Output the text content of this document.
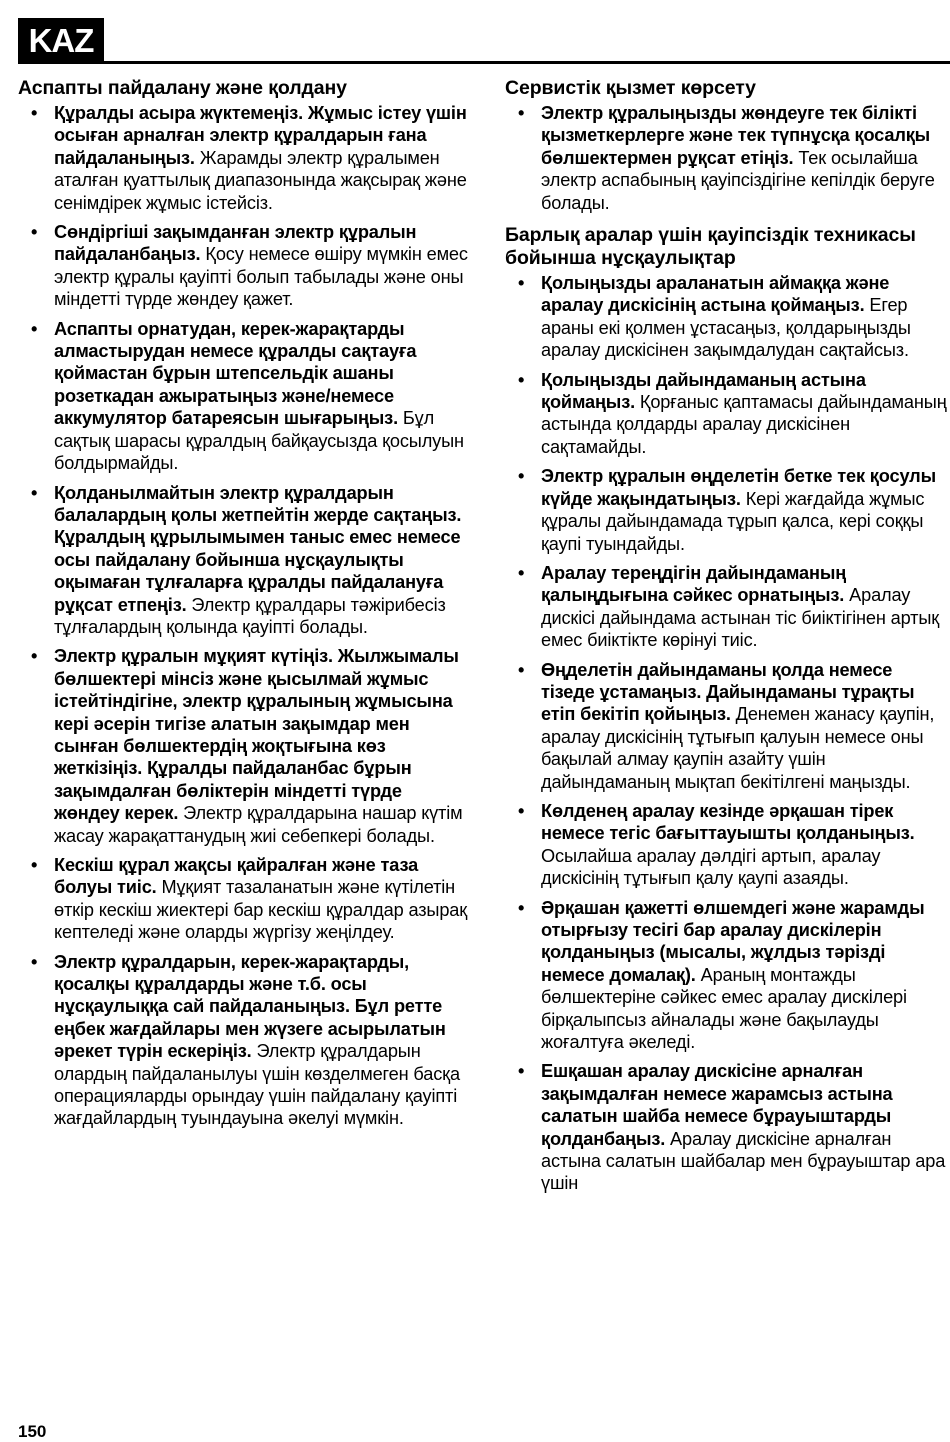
KAZ
Аспапты пайдалану және қолдану
• Құралды асыра жүктемеңіз. Жұмыс істеу үшін осыған арналған электр құралдарын ғана пайдаланыңыз. Жарамды электр құралымен аталған қуаттылық диапазонында жақсырақ және сенімдірек жұмыс істейсіз.
• Сөндіргіші зақымданған электр құралын пайдаланбаңыз. Қосу немесе өшіру мүмкін емес электр құралы қауіпті болып табылады және оны міндетті түрде жөндеу қажет.
• Аспапты орнатудан, керек-жарақтарды алмастырудан немесе құралды сақтауға қоймастан бұрын штепсельдік ашаны розеткадан ажыратыңыз және/немесе аккумулятор батареясын шығарыңыз. Бұл сақтық шарасы құралдың байқаусызда қосылуын болдырмайды.
• Қолданылмайтын электр құралдарын балалардың қолы жетпейтін жерде сақтаңыз. Құралдың құрылымымен таныс емес немесе осы пайдалану бойынша нұсқаулықты оқымаған тұлғаларға құралды пайдалануға рұқсат етпеңіз. Электр құралдары тәжірибесіз тұлғалардың қолында қауіпті болады.
• Электр құралын мұқият күтіңіз. Жылжымалы бөлшектері мінсіз және қысылмай жұмыс істейтіндігіне, электр құралының жұмысына кері әсерін тигізе алатын зақымдар мен сынған бөлшектердің жоқтығына көз жеткізіңіз. Құралды пайдаланбас бұрын зақымдалған бөліктерін міндетті түрде жөндеу керек. Электр құралдарына нашар күтім жасау жарақаттанудың жиі себепкері болады.
• Кескіш құрал жақсы қайралған және таза болуы тиіс. Мұқият тазаланатын және күтілетін өткір кескіш жиектері бар кескіш құралдар азырақ кептеледі және оларды жүргізу жеңілдеу.
• Электр құралдарын, керек-жарақтарды, қосалқы құралдарды және т.б. осы нұсқаулыққа сай пайдаланыңыз. Бұл ретте еңбек жағдайлары мен жүзеге асырылатын әрекет түрін ескеріңіз. Электр құралдарын олардың пайдаланылуы үшін көзделмеген басқа операцияларды орындау үшін пайдалану қауіпті жағдайлардың туындауына әкелуі мүмкін.
Сервистік қызмет көрсету
• Электр құралыңызды жөндеуге тек білікті қызметкерлерге және тек түпнұсқа қосалқы бөлшектермен рұқсат етіңіз. Тек осылайша электр аспабының қауіпсіздігіне кепілдік беруге болады.
Барлық аралар үшін қауіпсіздік техникасы бойынша нұсқаулықтар
• Қолыңызды араланатын аймаққа және аралау дискісінің астына қоймаңыз. Егер араны екі қолмен ұстасаңыз, қолдарыңызды аралау дискісінен зақымдалудан сақтайсыз.
• Қолыңызды дайындаманың астына қоймаңыз. Қорғаныс қаптамасы дайындаманың астында қолдарды аралау дискісінен сақтамайды.
• Электр құралын өңделетін бетке тек қосулы күйде жақындатыңыз. Кері жағдайда жұмыс құралы дайындамада тұрып қалса, кері соққы қаупі туындайды.
• Аралау тереңдігін дайындаманың қалыңдығына сәйкес орнатыңыз. Аралау дискісі дайындама астынан тіс биіктігінен артық емес биіктікте көрінуі тиіс.
• Өңделетін дайындаманы қолда немесе тізеде ұстамаңыз. Дайындаманы тұрақты етіп бекітіп қойыңыз. Денемен жанасу қаупін, аралау дискісінің тұтығып қалуын немесе оны бақылай алмау қаупін азайту үшін дайындаманың мықтап бекітілгені маңызды.
• Көлденең аралау кезінде әрқашан тірек немесе тегіс бағыттауышты қолданыңыз. Осылайша аралау дәлдігі артып, аралау дискісінің тұтығып қалу қаупі азаяды.
• Әрқашан қажетті өлшемдегі және жарамды отырғызу тесігі бар аралау дискілерін қолданыңыз (мысалы, жұлдыз тәрізді немесе домалақ). Араның монтажды бөлшектеріне сәйкес емес аралау дискілері бірқалыпсыз айналады және бақылауды жоғалтуға әкеледі.
• Ешқашан аралау дискісіне арналған зақымдалған немесе жарамсыз астына салатын шайба немесе бұрауыштарды қолданбаңыз. Аралау дискісіне арналған астына салатын шайбалар мен бұрауыштар ара үшін
150
